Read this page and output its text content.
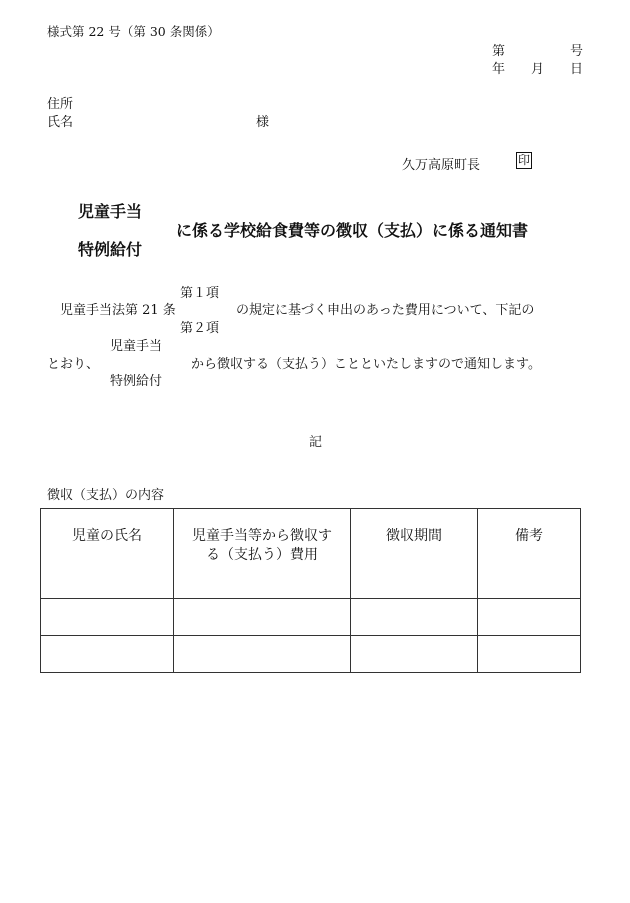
様式第 22 号（第 30 条関係）
第	号
年 月 日
住所
氏名	様
久万高原町長	印
児童手当
に係る学校給食費等の徴収（支払）に係る通知書
特例給付
第１項
児童手当法第 21 条	の規定に基づく申出のあった費用について、下記の
第２項
児童手当
とおり、	から徴収する（支払う）ことといたしますので通知します。
特例給付
記
徴収（支払）の内容
児童の氏名	児童手当等から徴収する（支払う）費用	徴収期間	備考
